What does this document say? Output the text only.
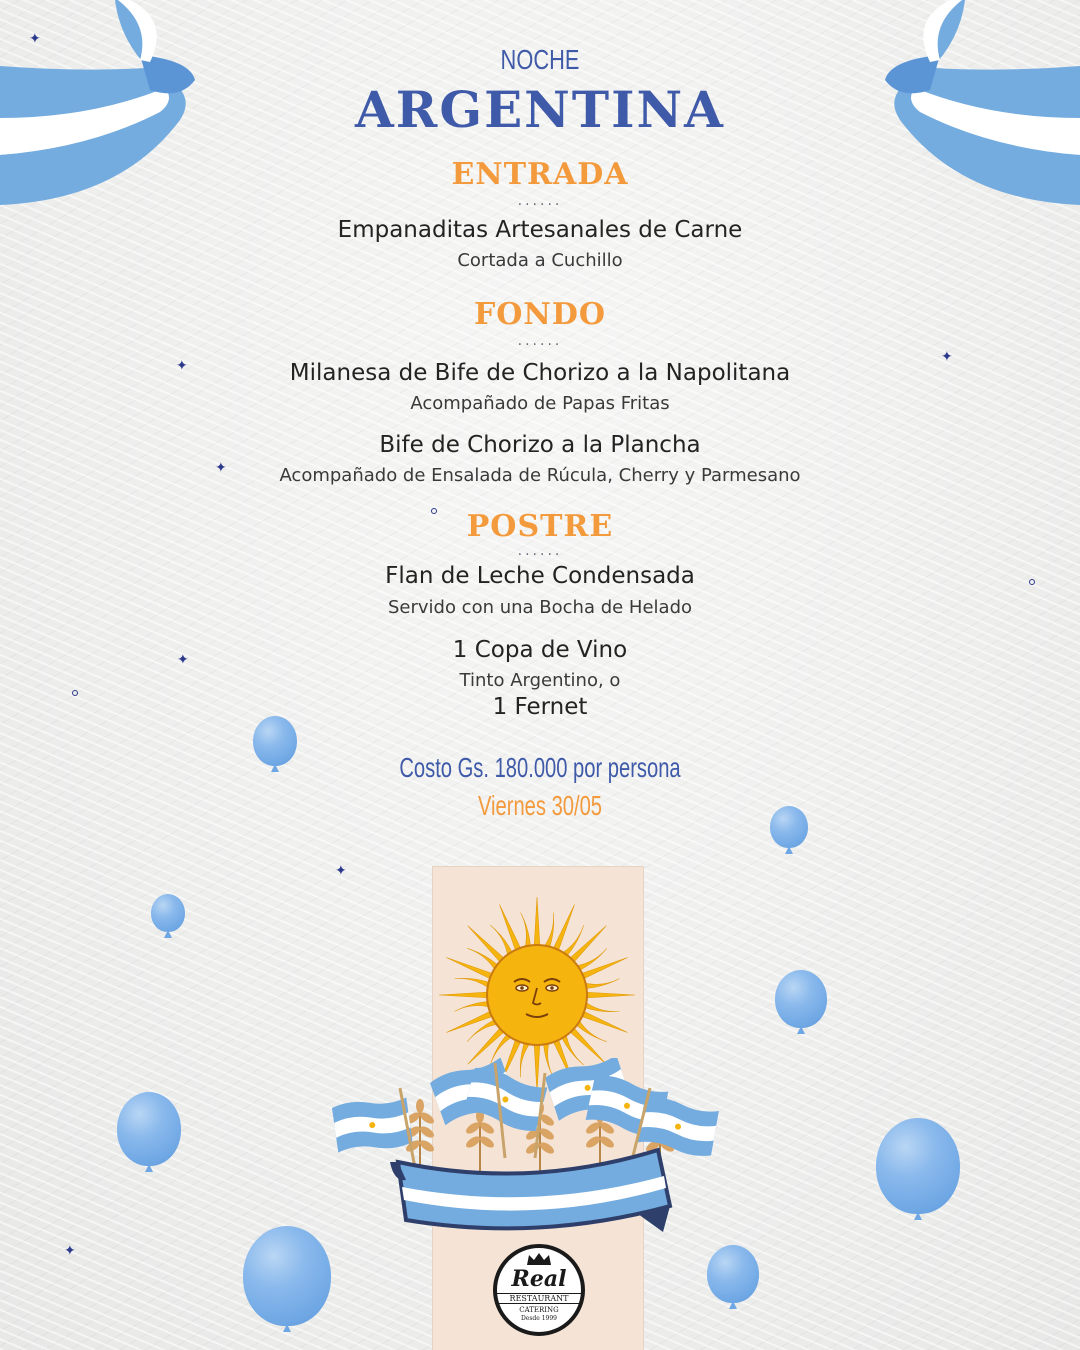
✦
✦
✦
✦
✦
✦
✦
NOCHE
ARGENTINA
ENTRADA
......
Empanaditas Artesanales de Carne
Cortada a Cuchillo
FONDO
......
Milanesa de Bife de Chorizo a la Napolitana
Acompañado de Papas Fritas
Bife de Chorizo a la Plancha
Acompañado de Ensalada de Rúcula, Cherry y Parmesano
POSTRE
......
Flan de Leche Condensada
Servido con una Bocha de Helado
1 Copa de Vino
Tinto Argentino, o
1 Fernet
Costo Gs. 180.000 por persona
Viernes 30/05
Real
RESTAURANT
CATERING
Desde 1999
